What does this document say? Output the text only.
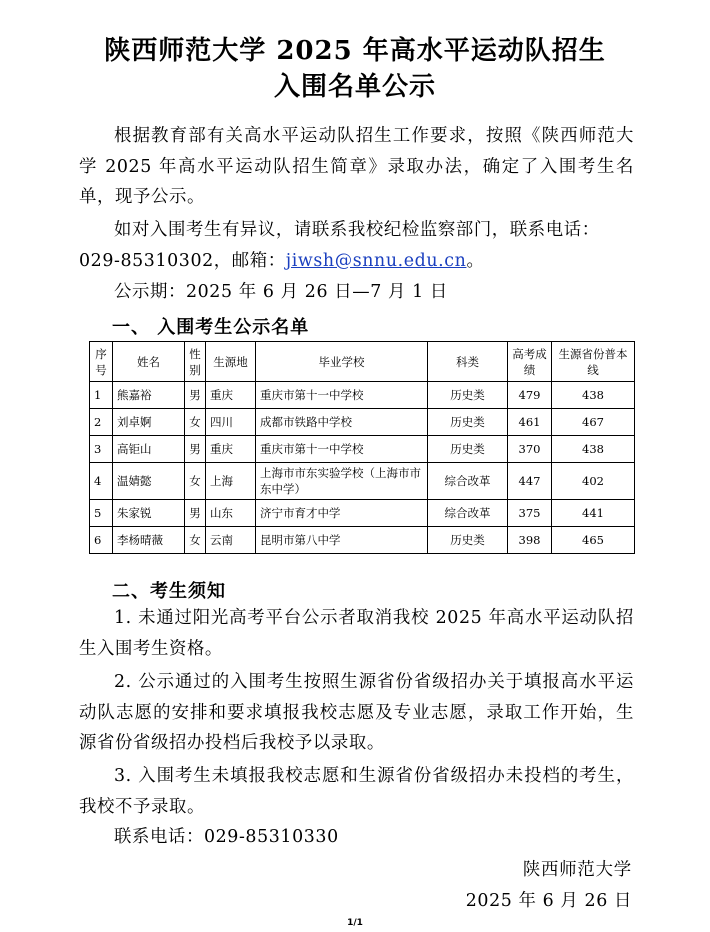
陕西师范大学 2025 年高水平运动队招生
入围名单公示
根据教育部有关高水平运动队招生工作要求，按照《陕西师范大学 2025 年高水平运动队招生简章》录取办法，确定了入围考生名单，现予公示。
如对入围考生有异议，请联系我校纪检监察部门，联系电话：
029-85310302，邮箱：jiwsh@snnu.edu.cn。
公示期：2025 年 6 月 26 日—7 月 1 日
一、 入围考生公示名单
序号	姓名	性别	生源地	毕业学校	科类	高考成绩	生源省份普本线
1	熊嘉裕	男	重庆	重庆市第十一中学校	历史类	479	438
2	刘卓婀	女	四川	成都市铁路中学校	历史类	461	467
3	高钜山	男	重庆	重庆市第十一中学校	历史类	370	438
4	温婧懿	女	上海	上海市市东实验学校（上海市市东中学）	综合改革	447	402
5	朱家锐	男	山东	济宁市育才中学	综合改革	375	441
6	李杨晴薇	女	云南	昆明市第八中学	历史类	398	465
二、考生须知
1. 未通过阳光高考平台公示者取消我校 2025 年高水平运动队招生入围考生资格。
2. 公示通过的入围考生按照生源省份省级招办关于填报高水平运动队志愿的安排和要求填报我校志愿及专业志愿，录取工作开始，生源省份省级招办投档后我校予以录取。
3. 入围考生未填报我校志愿和生源省份省级招办未投档的考生，我校不予录取。
联系电话：029-85310330
陕西师范大学
2025 年 6 月 26 日
1/1
